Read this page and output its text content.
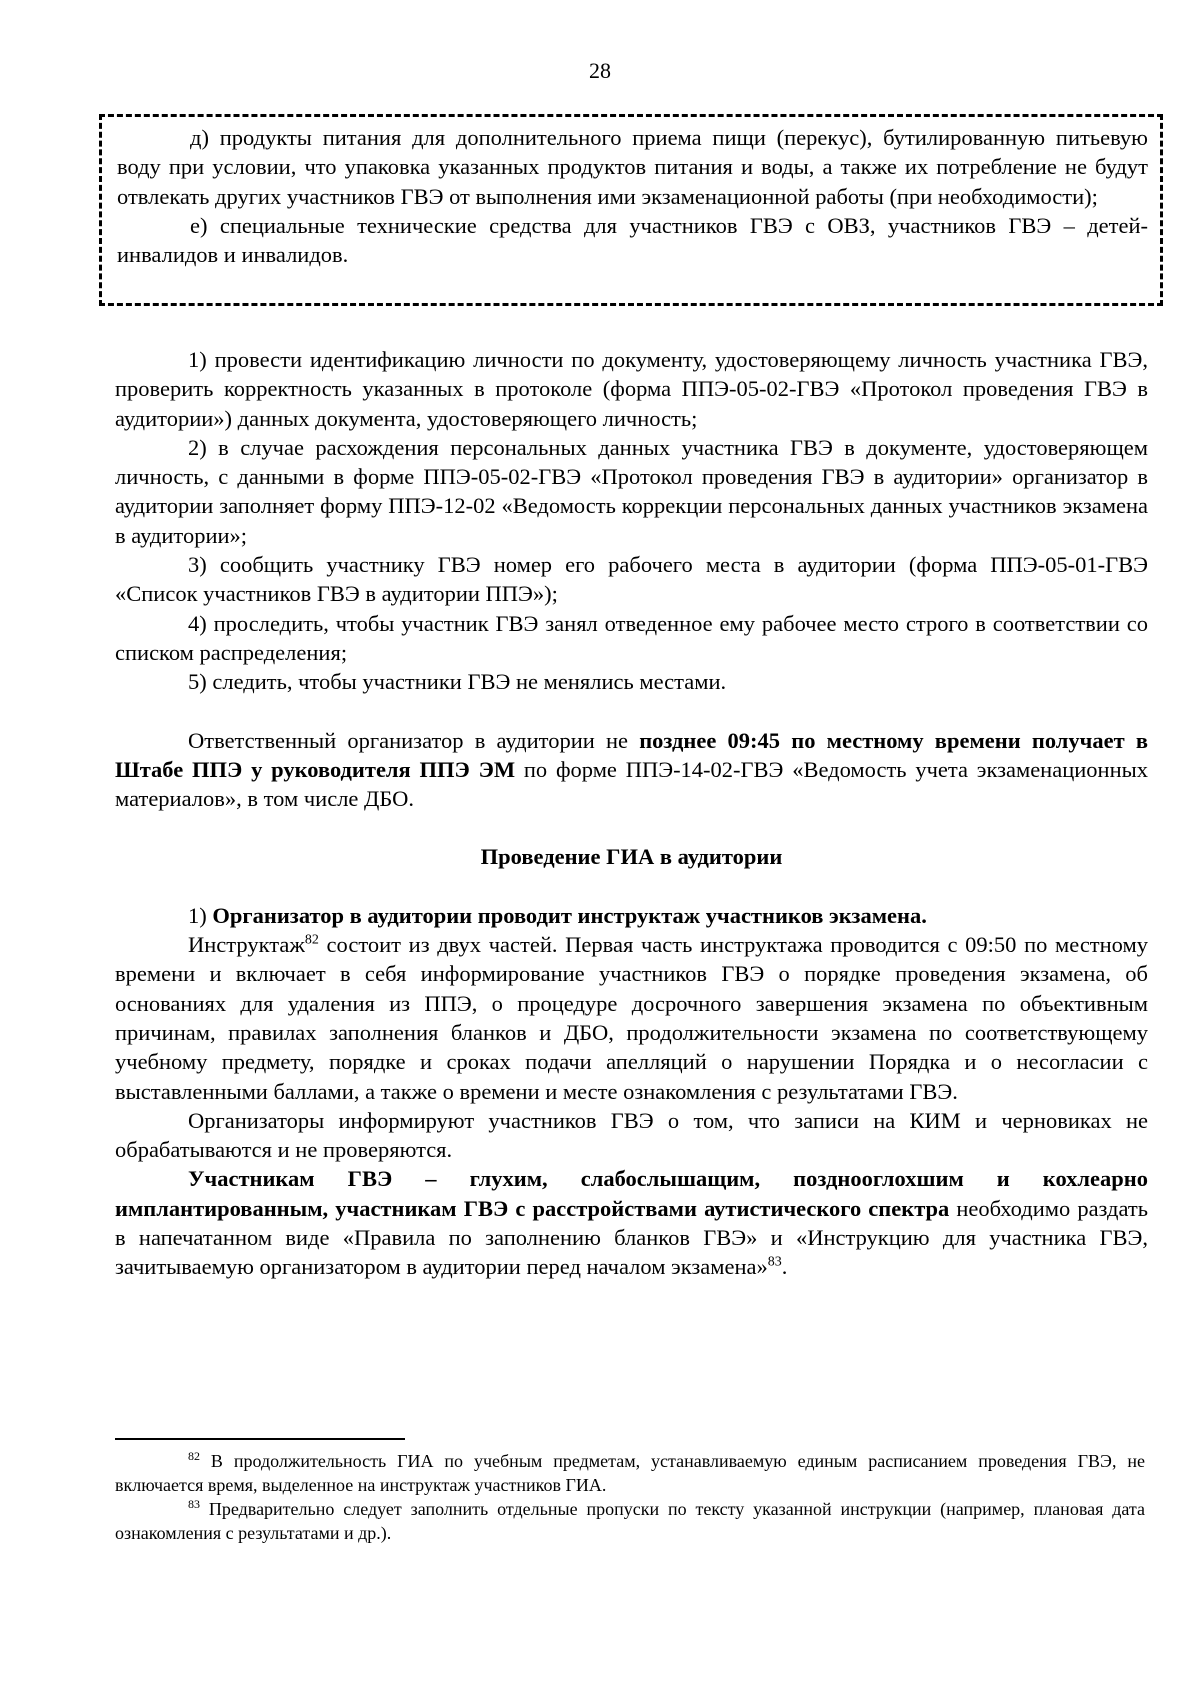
28

д) продукты питания для дополнительного приема пищи (перекус), бутилированную питьевую воду при условии, что упаковка указанных продуктов питания и воды, а также их потребление не будут отвлекать других участников ГВЭ от выполнения ими экзаменационной работы (при необходимости);

е) специальные технические средства для участников ГВЭ с ОВЗ, участников ГВЭ – детей-инвалидов и инвалидов.

1) провести идентификацию личности по документу, удостоверяющему личность участника ГВЭ, проверить корректность указанных в протоколе (форма ППЭ-05-02-ГВЭ «Протокол проведения ГВЭ в аудитории») данных документа, удостоверяющего личность;

2) в случае расхождения персональных данных участника ГВЭ в документе, удостоверяющем личность, с данными в форме ППЭ-05-02-ГВЭ «Протокол проведения ГВЭ в аудитории» организатор в аудитории заполняет форму ППЭ-12-02 «Ведомость коррекции персональных данных участников экзамена в аудитории»;

3) сообщить участнику ГВЭ номер его рабочего места в аудитории (форма ППЭ-05-01-ГВЭ «Список участников ГВЭ в аудитории ППЭ»);

4) проследить, чтобы участник ГВЭ занял отведенное ему рабочее место строго в соответствии со списком распределения;

5) следить, чтобы участники ГВЭ не менялись местами.

Ответственный организатор в аудитории не позднее 09:45 по местному времени получает в Штабе ППЭ у руководителя ППЭ ЭМ по форме ППЭ-14-02-ГВЭ «Ведомость учета экзаменационных материалов», в том числе ДБО.

Проведение ГИА в аудитории

1) Организатор в аудитории проводит инструктаж участников экзамена.

Инструктаж$^{82}$ состоит из двух частей. Первая часть инструктажа проводится с 09:50 по местному времени и включает в себя информирование участников ГВЭ о порядке проведения экзамена, об основаниях для удаления из ППЭ, о процедуре досрочного завершения экзамена по объективным причинам, правилах заполнения бланков и ДБО, продолжительности экзамена по соответствующему учебному предмету, порядке и сроках подачи апелляций о нарушении Порядка и о несогласии с выставленными баллами, а также о времени и месте ознакомления с результатами ГВЭ.

Организаторы информируют участников ГВЭ о том, что записи на КИМ и черновиках не обрабатываются и не проверяются.

Участникам ГВЭ – глухим, слабослышащим, позднооглохшим и кохлеарно имплантированным, участникам ГВЭ с расстройствами аутистического спектра необходимо раздать в напечатанном виде «Правила по заполнению бланков ГВЭ» и «Инструкцию для участника ГВЭ, зачитываемую организатором в аудитории перед началом экзамена»$^{83}$.

$^{82}$ В продолжительность ГИА по учебным предметам, устанавливаемую единым расписанием проведения ГВЭ, не включается время, выделенное на инструктаж участников ГИА.

$^{83}$ Предварительно следует заполнить отдельные пропуски по тексту указанной инструкции (например, плановая дата ознакомления с результатами и др.).
